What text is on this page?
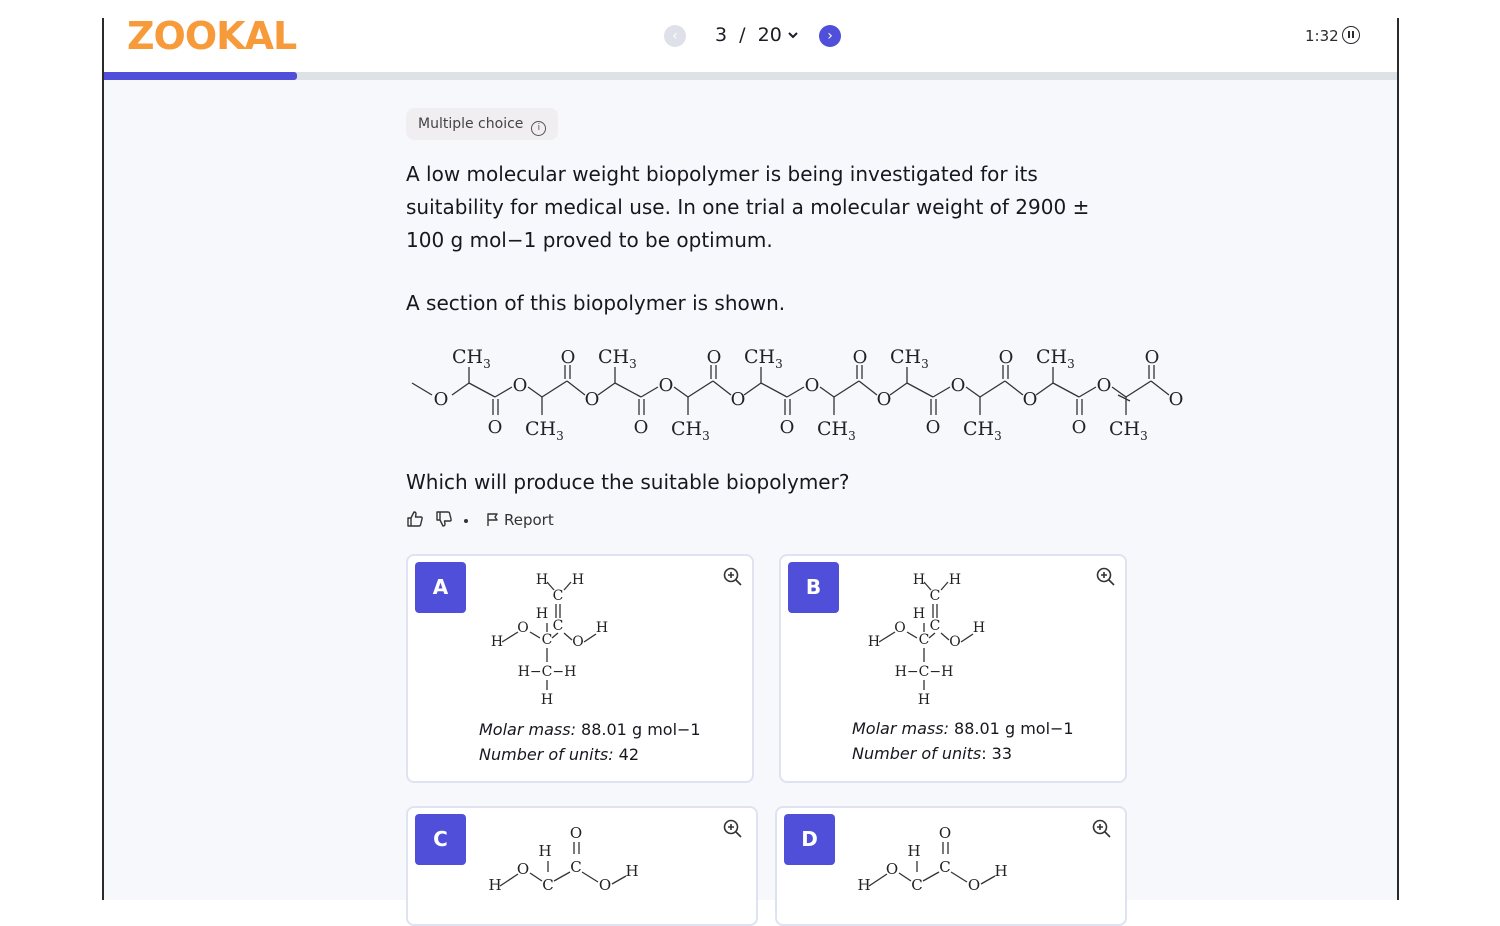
ZOOKAL	‹	3  /  20	›	1:32
Multiple choice i
A low molecular weight biopolymer is being investigated for its suitability for medical use. In one trial a molecular weight of 2900 ± 100 g mol−1 proved to be optimum.
A section of this biopolymer is shown.
O
$CH_3$
O
O
$CH_3$
O
O
$CH_3$
O
O
$CH_3$
O
O
$CH_3$
O
O
$CH_3$
O
O
$CH_3$
O
O
$CH_3$
O
O
$CH_3$
O
O
$CH_3$
O
O
Which will produce the suitable biopolymer?
Report
A	H H
C
H
C
O
H	C O
H
H−C−H
H
Molar mass: 88.01 g mol−1
Number of units: 42
B	H H
C
H
C
O
H	C O
H
H−C−H
H
Molar mass: 88.01 g mol−1
Number of units: 33
C	O
H
C
O
H	C	O
H
D	O
H
C
O
H	C	O
H
